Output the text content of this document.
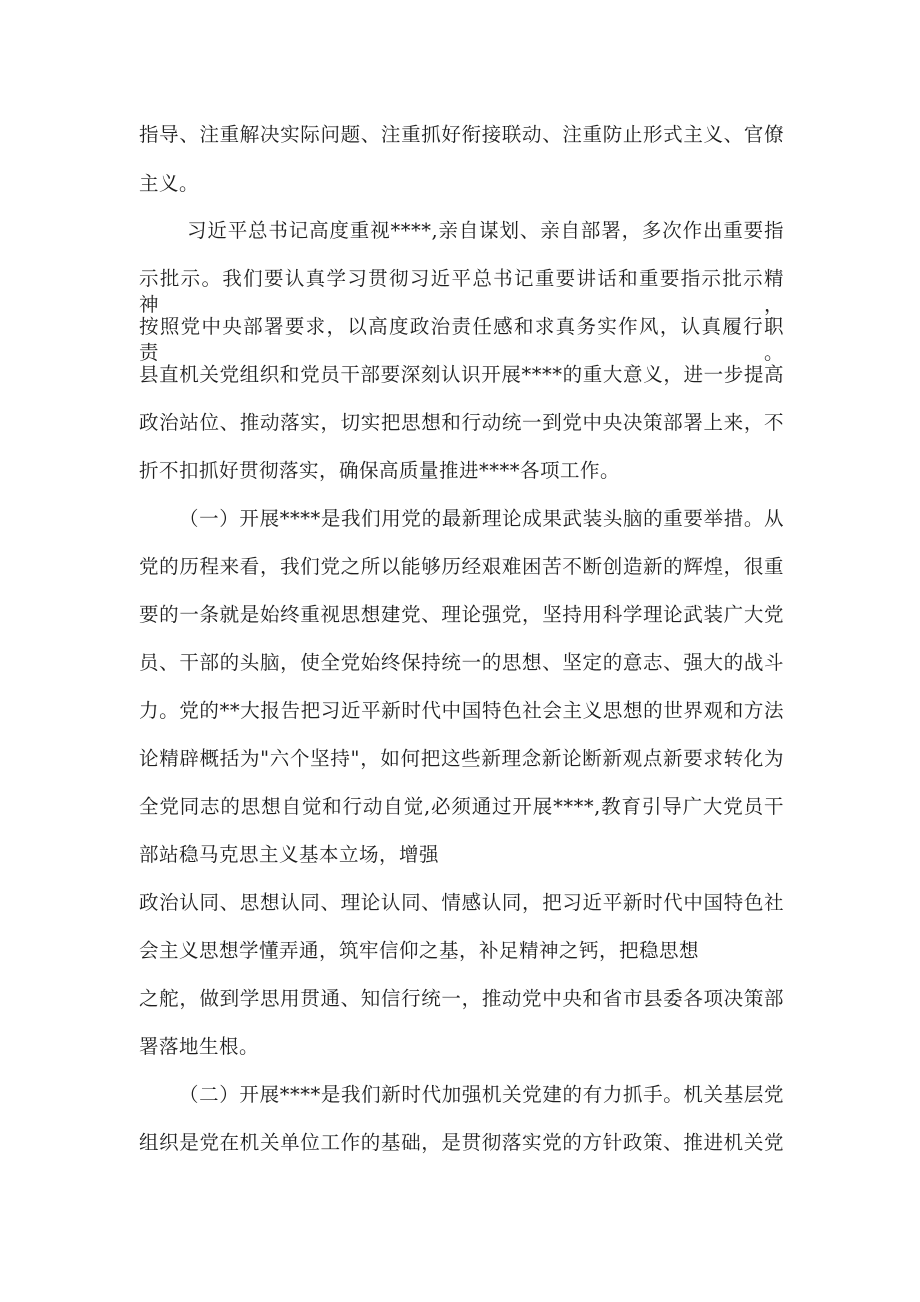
指导、注重解决实际问题、注重抓好衔接联动、注重防止形式主义、官僚
主义。
习近平总书记高度重视****,亲自谋划、亲自部署，多次作出重要指
示批示。我们要认真学习贯彻习近平总书记重要讲话和重要指示批示精神，
按照党中央部署要求，以高度政治责任感和求真务实作风，认真履行职责。
县直机关党组织和党员干部要深刻认识开展****的重大意义，进一步提高
政治站位、推动落实，切实把思想和行动统一到党中央决策部署上来，不
折不扣抓好贯彻落实，确保高质量推进****各项工作。
（一）开展****是我们用党的最新理论成果武装头脑的重要举措。从
党的历程来看，我们党之所以能够历经艰难困苦不断创造新的辉煌，很重
要的一条就是始终重视思想建党、理论强党，坚持用科学理论武装广大党
员、干部的头脑，使全党始终保持统一的思想、坚定的意志、强大的战斗
力。党的**大报告把习近平新时代中国特色社会主义思想的世界观和方法
论精辟概括为"六个坚持"，如何把这些新理念新论断新观点新要求转化为
全党同志的思想自觉和行动自觉,必须通过开展****,教育引导广大党员干
部站稳马克思主义基本立场，增强
政治认同、思想认同、理论认同、情感认同，把习近平新时代中国特色社
会主义思想学懂弄通，筑牢信仰之基，补足精神之钙，把稳思想
之舵，做到学思用贯通、知信行统一，推动党中央和省市县委各项决策部
署落地生根。
（二）开展****是我们新时代加强机关党建的有力抓手。机关基层党
组织是党在机关单位工作的基础，是贯彻落实党的方针政策、推进机关党
